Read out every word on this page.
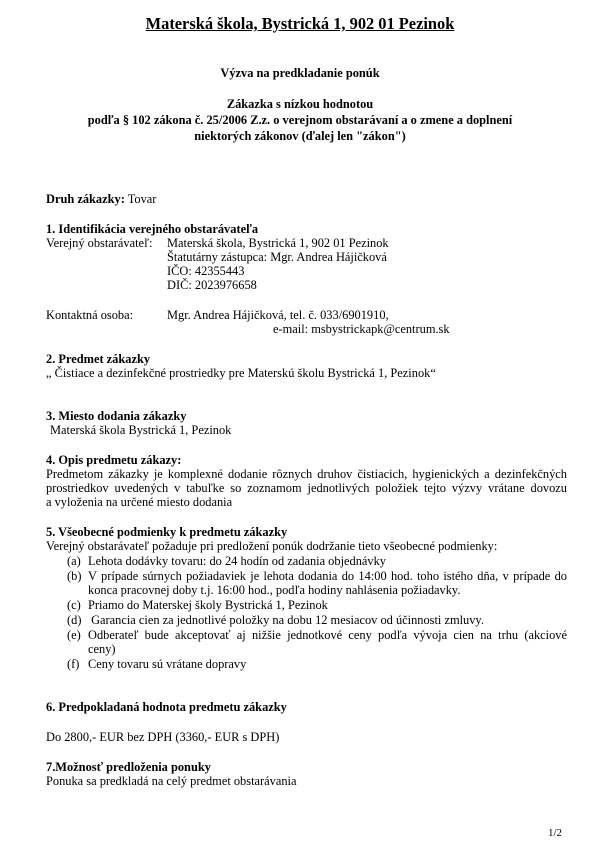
Materská škola, Bystrická 1, 902 01 Pezinok
Výzva na predkladanie ponúk
Zákazka s nízkou hodnotou
podľa § 102 zákona č. 25/2006 Z.z. o verejnom obstarávaní a o zmene a doplnení
niektorých zákonov (ďalej len "zákon")
Druh zákazky: Tovar
1. Identifikácia verejného obstarávateľa
Verejný obstarávateľ: Materská škola, Bystrická 1, 902 01 Pezinok
Štatutárny zástupca: Mgr. Andrea Hájičková
IČO: 42355443
DIČ: 2023976658
Kontaktná osoba:	Mgr. Andrea Hájičková, tel. č. 033/6901910,
e-mail: msbystrickapk@centrum.sk
2. Predmet zákazky
„ Čistiace a dezinfekčné prostriedky pre Materskú školu Bystrická 1, Pezinok“
3. Miesto dodania zákazky
Materská škola Bystrická 1, Pezinok
4. Opis predmetu zákazy:
Predmetom zákazky je komplexné dodanie rôznych druhov čistiacich, hygienických a dezinfekčných
prostriedkov uvedených v tabuľke so zoznamom jednotlivých položiek tejto výzvy vrátane dovozu
a vyloženia na určené miesto dodania
5. Všeobecné podmienky k predmetu zákazky
Verejný obstarávateľ požaduje pri predložení ponúk dodržanie tieto všeobecné podmienky:
(a) Lehota dodávky tovaru: do 24 hodín od zadania objednávky
(b) V prípade súrnych požiadaviek je lehota dodania do 14:00 hod. toho istého dňa, v prípade do
konca pracovnej doby t.j. 16:00 hod., podľa hodiny nahlásenia požiadavky.
(c) Priamo do Materskej školy Bystrická 1, Pezinok
(d) Garancia cien za jednotlivé položky na dobu 12 mesiacov od účinnosti zmluvy.
(e) Odberateľ bude akceptovať aj nižšie jednotkové ceny podľa vývoja cien na trhu (akciové
ceny)
(f) Ceny tovaru sú vrátane dopravy
6. Predpokladaná hodnota predmetu zákazky
Do 2800,- EUR bez DPH (3360,- EUR s DPH)
7.Možnosť predloženia ponuky
Ponuka sa predkladá na celý predmet obstarávania
1/2
